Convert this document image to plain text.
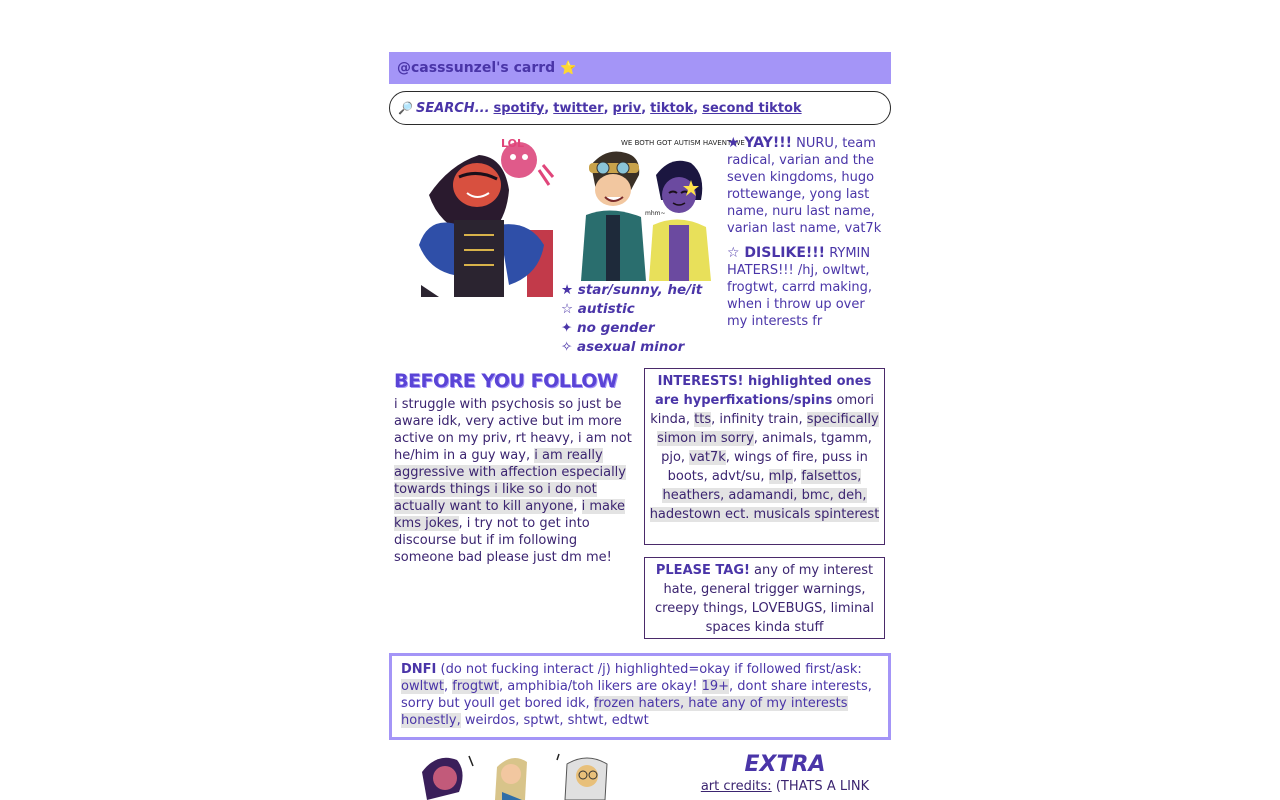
@casssunzel's carrd ⭐
🔎 SEARCH... spotify , twitter , priv , tiktok , second tiktok
LOL	WE BOTH GOT AUTISM HAVENT WE
mhm~
★ star/sunny, he/it
☆ autistic
✦ no gender
✧ asexual minor

★ YAY!!! NURU, team radical, varian and the seven kingdoms, hugo rottewange, yong last name, nuru last name, varian last name, vat7k

☆ DISLIKE!!! RYMIN HATERS!!! /hj, owltwt, frogtwt, carrd making, when i throw up over my interests fr

BEFORE YOU FOLLOW

i struggle with psychosis so just be aware idk, very active but im more active on my priv, rt heavy, i am not he/him in a guy way, i am really aggressive with affection especially towards things i like so i do not actually want to kill anyone, i make kms jokes, i try not to get into discourse but if im following someone bad please just dm me!

INTERESTS! highlighted ones are hyperfixations/spins omori kinda, tts, infinity train, specifically simon im sorry, animals, tgamm, pjo, vat7k, wings of fire, puss in boots, advt/su, mlp, falsettos, heathers, adamandi, bmc, deh, hadestown ect. musicals spinterest
PLEASE TAG! any of my interest hate, general trigger warnings, creepy things, LOVEBUGS, liminal spaces kinda stuff
DNFI (do not fucking interact /j) highlighted=okay if followed first/ask: owltwt, frogtwt, amphibia/toh likers are okay! 19+, dont share interests, sorry but youll get bored idk, frozen haters, hate any of my interests honestly, weirdos, sptwt, shtwt, edtwt
EXTRA
art credits: (THATS A LINK
